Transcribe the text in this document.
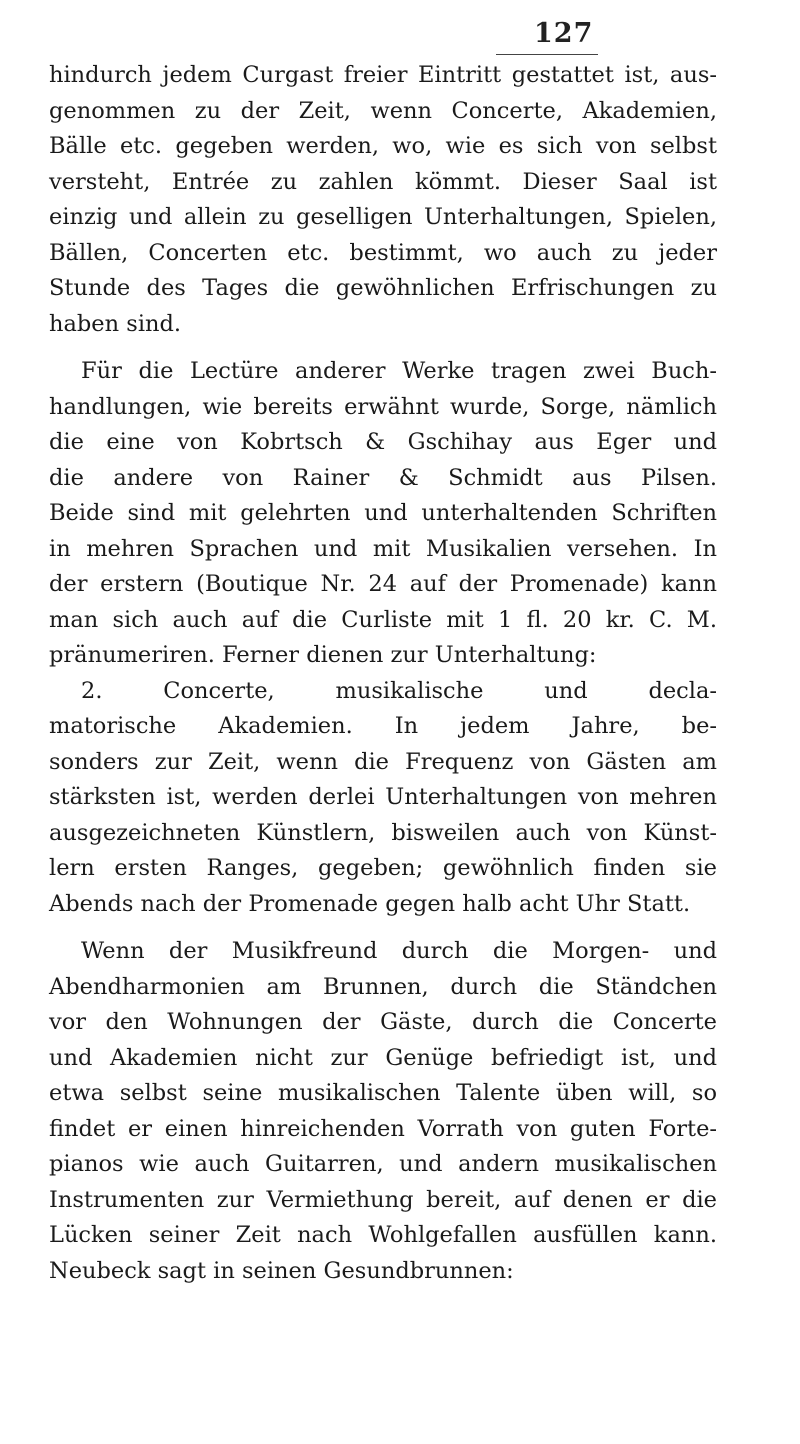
127
hindurch jedem Curgast freier Eintritt gestattet ist, aus-
genommen zu der Zeit, wenn Concerte, Akademien,
Bälle etc. gegeben werden, wo, wie es sich von selbst
versteht, Entrée zu zahlen kömmt. Dieser Saal ist
einzig und allein zu geselligen Unterhaltungen, Spielen,
Bällen, Concerten etc. bestimmt, wo auch zu jeder
Stunde des Tages die gewöhnlichen Erfrischungen zu
haben sind.
Für die Lectüre anderer Werke tragen zwei Buch-
handlungen, wie bereits erwähnt wurde, Sorge, nämlich
die eine von Kobrtsch & Gschihay aus Eger und
die andere von Rainer & Schmidt aus Pilsen.
Beide sind mit gelehrten und unterhaltenden Schriften
in mehren Sprachen und mit Musikalien versehen. In
der erstern (Boutique Nr. 24 auf der Promenade) kann
man sich auch auf die Curliste mit 1 fl. 20 kr. C. M.
pränumeriren. Ferner dienen zur Unterhaltung:
2. Concerte, musikalische und decla-
matorische Akademien. In jedem Jahre, be-
sonders zur Zeit, wenn die Frequenz von Gästen am
stärksten ist, werden derlei Unterhaltungen von mehren
ausgezeichneten Künstlern, bisweilen auch von Künst-
lern ersten Ranges, gegeben; gewöhnlich finden sie
Abends nach der Promenade gegen halb acht Uhr Statt.
Wenn der Musikfreund durch die Morgen- und
Abendharmonien am Brunnen, durch die Ständchen
vor den Wohnungen der Gäste, durch die Concerte
und Akademien nicht zur Genüge befriedigt ist, und
etwa selbst seine musikalischen Talente üben will, so
findet er einen hinreichenden Vorrath von guten Forte-
pianos wie auch Guitarren, und andern musikalischen
Instrumenten zur Vermiethung bereit, auf denen er die
Lücken seiner Zeit nach Wohlgefallen ausfüllen kann.
Neubeck sagt in seinen Gesundbrunnen:
